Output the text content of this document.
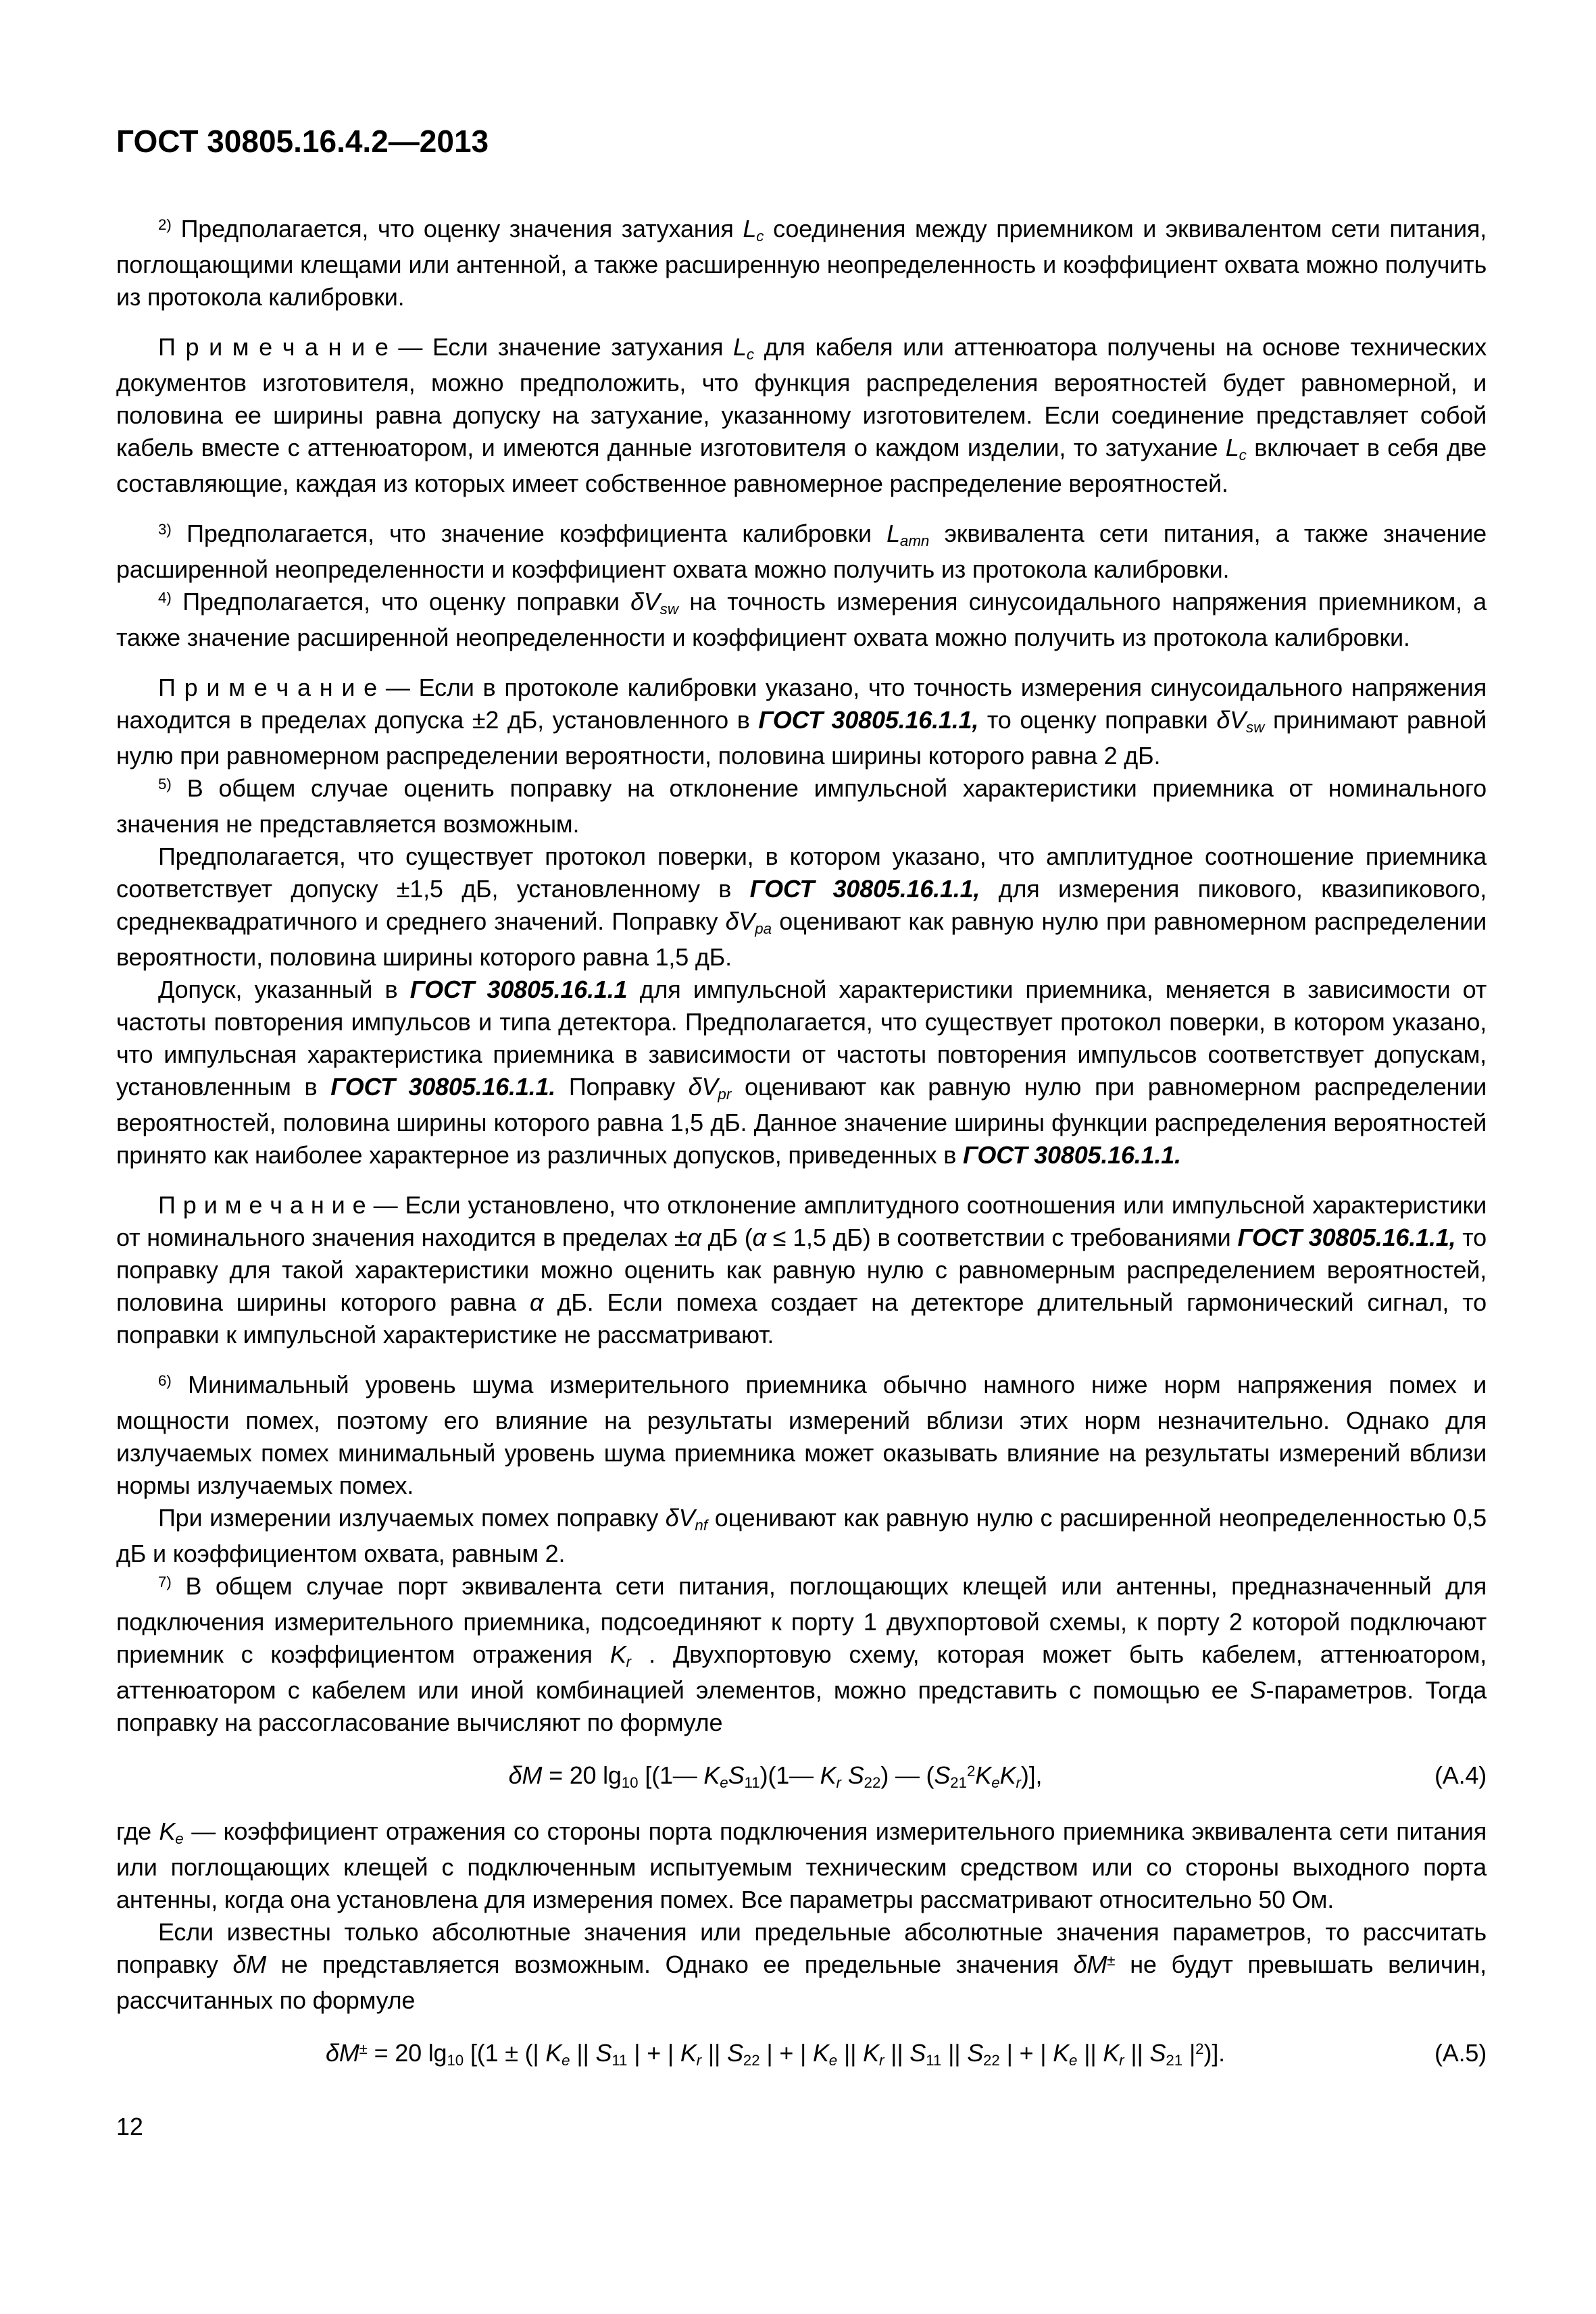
ГОСТ 30805.16.4.2—2013

$^{2)}$ Предполагается, что оценку значения затухания Lc соединения между приемником и эквивалентом сети питания, поглощающими клещами или антенной, а также расширенную неопределенность и коэффициент охвата можно получить из протокола калибровки.

П р и м е ч а н и е — Если значение затухания Lc для кабеля или аттенюатора получены на основе технических документов изготовителя, можно предположить, что функция распределения вероятностей будет равномерной, и половина ее ширины равна допуску на затухание, указанному изготовителем. Если соединение представляет собой кабель вместе с аттенюатором, и имеются данные изготовителя о каждом изделии, то затухание Lc включает в себя две составляющие, каждая из которых имеет собственное равномерное распределение вероятностей.

$^{3)}$ Предполагается, что значение коэффициента калибровки Lamn эквивалента сети питания, а также значение расширенной неопределенности и коэффициент охвата можно получить из протокола калибровки.

$^{4)}$ Предполагается, что оценку поправки δVsw на точность измерения синусоидального напряжения приемником, а также значение расширенной неопределенности и коэффициент охвата можно получить из протокола калибровки.

П р и м е ч а н и е — Если в протоколе калибровки указано, что точность измерения синусоидального напряжения находится в пределах допуска ±2 дБ, установленного в ГОСТ 30805.16.1.1, то оценку поправки δVsw принимают равной нулю при равномерном распределении вероятности, половина ширины которого равна 2 дБ.

$^{5)}$ В общем случае оценить поправку на отклонение импульсной характеристики приемника от номинального значения не представляется возможным.

Предполагается, что существует протокол поверки, в котором указано, что амплитудное соотношение приемника соответствует допуску ±1,5 дБ, установленному в ГОСТ 30805.16.1.1, для измерения пикового, квазипикового, среднеквадратичного и среднего значений. Поправку δVpa оценивают как равную нулю при равномерном распределении вероятности, половина ширины которого равна 1,5 дБ.

Допуск, указанный в ГОСТ 30805.16.1.1 для импульсной характеристики приемника, меняется в зависимости от частоты повторения импульсов и типа детектора. Предполагается, что существует протокол поверки, в котором указано, что импульсная характеристика приемника в зависимости от частоты повторения импульсов соответствует допускам, установленным в ГОСТ 30805.16.1.1. Поправку δVpr оценивают как равную нулю при равномерном распределении вероятностей, половина ширины которого равна 1,5 дБ. Данное значение ширины функции распределения вероятностей принято как наиболее характерное из различных допусков, приведенных в ГОСТ 30805.16.1.1.

П р и м е ч а н и е — Если установлено, что отклонение амплитудного соотношения или импульсной характеристики от номинального значения находится в пределах ±α дБ (α ≤ 1,5 дБ) в соответствии с требованиями ГОСТ 30805.16.1.1, то поправку для такой характеристики можно оценить как равную нулю с равномерным распределением вероятностей, половина ширины которого равна α дБ. Если помеха создает на детекторе длительный гармонический сигнал, то поправки к импульсной характеристике не рассматривают.

$^{6)}$ Минимальный уровень шума измерительного приемника обычно намного ниже норм напряжения помех и мощности помех, поэтому его влияние на результаты измерений вблизи этих норм незначительно. Однако для излучаемых помех минимальный уровень шума приемника может оказывать влияние на результаты измерений вблизи нормы излучаемых помех.

При измерении излучаемых помех поправку δVnf оценивают как равную нулю с расширенной неопределенностью 0,5 дБ и коэффициентом охвата, равным 2.

$^{7)}$ В общем случае порт эквивалента сети питания, поглощающих клещей или антенны, предназначенный для подключения измерительного приемника, подсоединяют к порту 1 двухпортовой схемы, к порту 2 которой подключают приемник с коэффициентом отражения Kr . Двухпортовую схему, которая может быть кабелем, аттенюатором, аттенюатором с кабелем или иной комбинацией элементов, можно представить с помощью ее S-параметров. Тогда поправку на рассогласование вычисляют по формуле

δM = 20 lg10 [(1— KeS11)(1— Kr S22) — $(S21^2KeKr)$],	(А.4)

где Ke — коэффициент отражения со стороны порта подключения измерительного приемника эквивалента сети питания или поглощающих клещей с подключенным испытуемым техническим средством или со стороны выходного порта антенны, когда она установлена для измерения помех. Все параметры рассматривают относительно 50 Ом.

Если известны только абсолютные значения или предельные абсолютные значения параметров, то рассчитать поправку δM не представляется возможным. Однако ее предельные значения δM± не будут превышать величин, рассчитанных по формуле

δM± = 20 lg10 [(1 ± (| Ke || S11 | + | Kr || S22 | + | Ke || Kr || S11 || S22 | + | Ke || Kr || S21 $|^2$)].	(А.5)
12
